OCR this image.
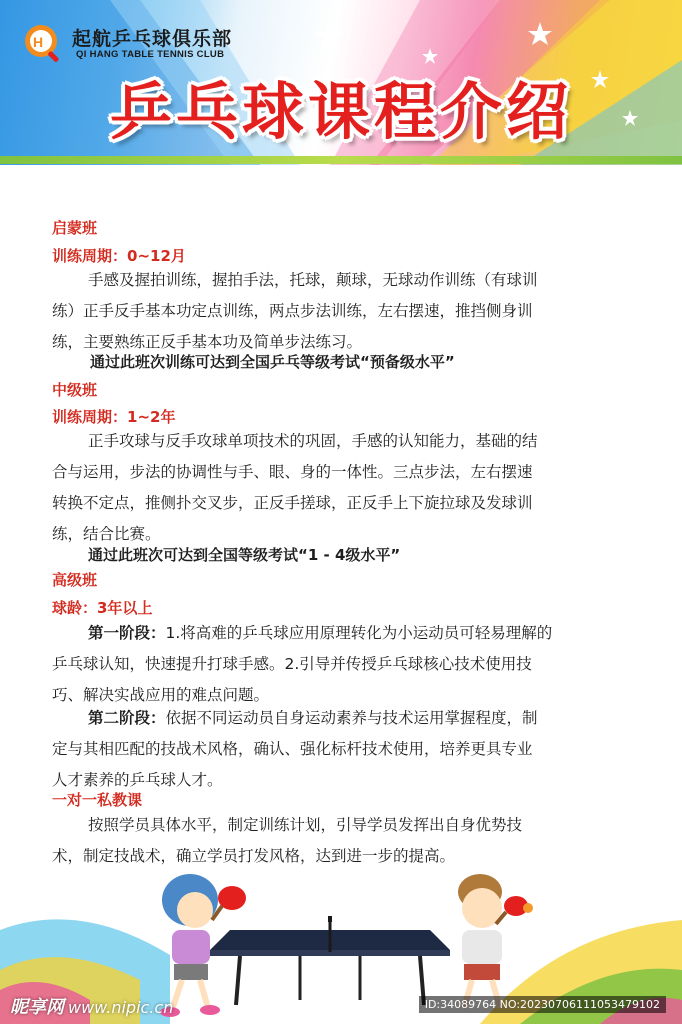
H 起航乒乓球俱乐部
QI HANG TABLE TENNIS CLUB
乒乓球课程介绍
启蒙班
训练周期：0~12月
手感及握拍训练，握拍手法，托球，颠球，无球动作训练（有球训
练）正手反手基本功定点训练，两点步法训练，左右摆速，推挡侧身训
练，主要熟练正反手基本功及简单步法练习。
通过此班次训练可达到全国乒乓等级考试“预备级水平”
中级班
训练周期：1~2年
正手攻球与反手攻球单项技术的巩固，手感的认知能力，基础的结
合与运用，步法的协调性与手、眼、身的一体性。三点步法，左右摆速
转换不定点，推侧扑交叉步，正反手搓球，正反手上下旋拉球及发球训
练，结合比赛。
通过此班次可达到全国等级考试“1 - 4级水平”
高级班
球龄：3年以上
第一阶段：1.将高难的乒乓球应用原理转化为小运动员可轻易理解的
乒乓球认知，快速提升打球手感。2.引导并传授乒乓球核心技术使用技
巧、解决实战应用的难点问题。
第二阶段：依据不同运动员自身运动素养与技术运用掌握程度，制
定与其相匹配的技战术风格，确认、强化标杆技术使用，培养更具专业
人才素养的乒乓球人才。
一对一私教课
按照学员具体水平，制定训练计划，引导学员发挥出自身优势技
术，制定技战术，确立学员打发风格，达到进一步的提高。
昵享网 www.nipic.cn	ID:34089764 NO:20230706111053479102
